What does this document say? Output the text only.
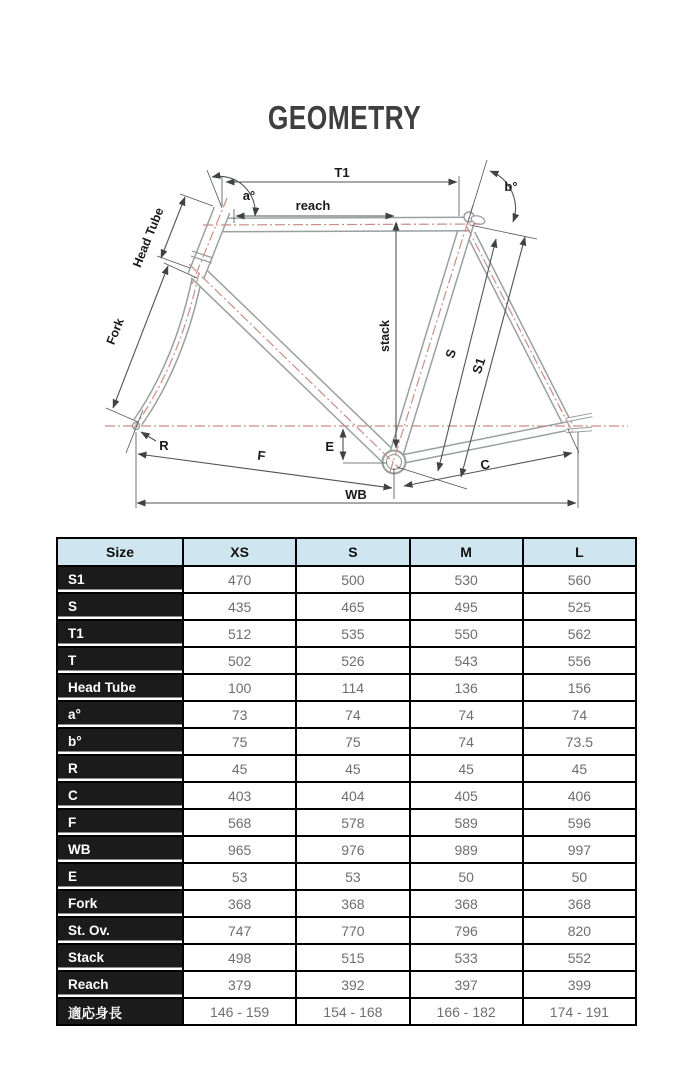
GEOMETRY
T1
a°
reach
b°
Head Tube
Fork	stack
S
S1
R	E
F
C
WB
Size	XS	S	M	L
S1	470	500	530	560
S	435	465	495	525
T1	512	535	550	562
T	502	526	543	556
Head Tube	100	114	136	156
a°	73	74	74	74
b°	75	75	74	73.5
R	45	45	45	45
C	403	404	405	406
F	568	578	589	596
WB	965	976	989	997
E	53	53	50	50
Fork	368	368	368	368
St. Ov.	747	770	796	820
Stack	498	515	533	552
Reach	379	392	397	399
適応身長	146 - 159	154 - 168	166 - 182	174 - 191
